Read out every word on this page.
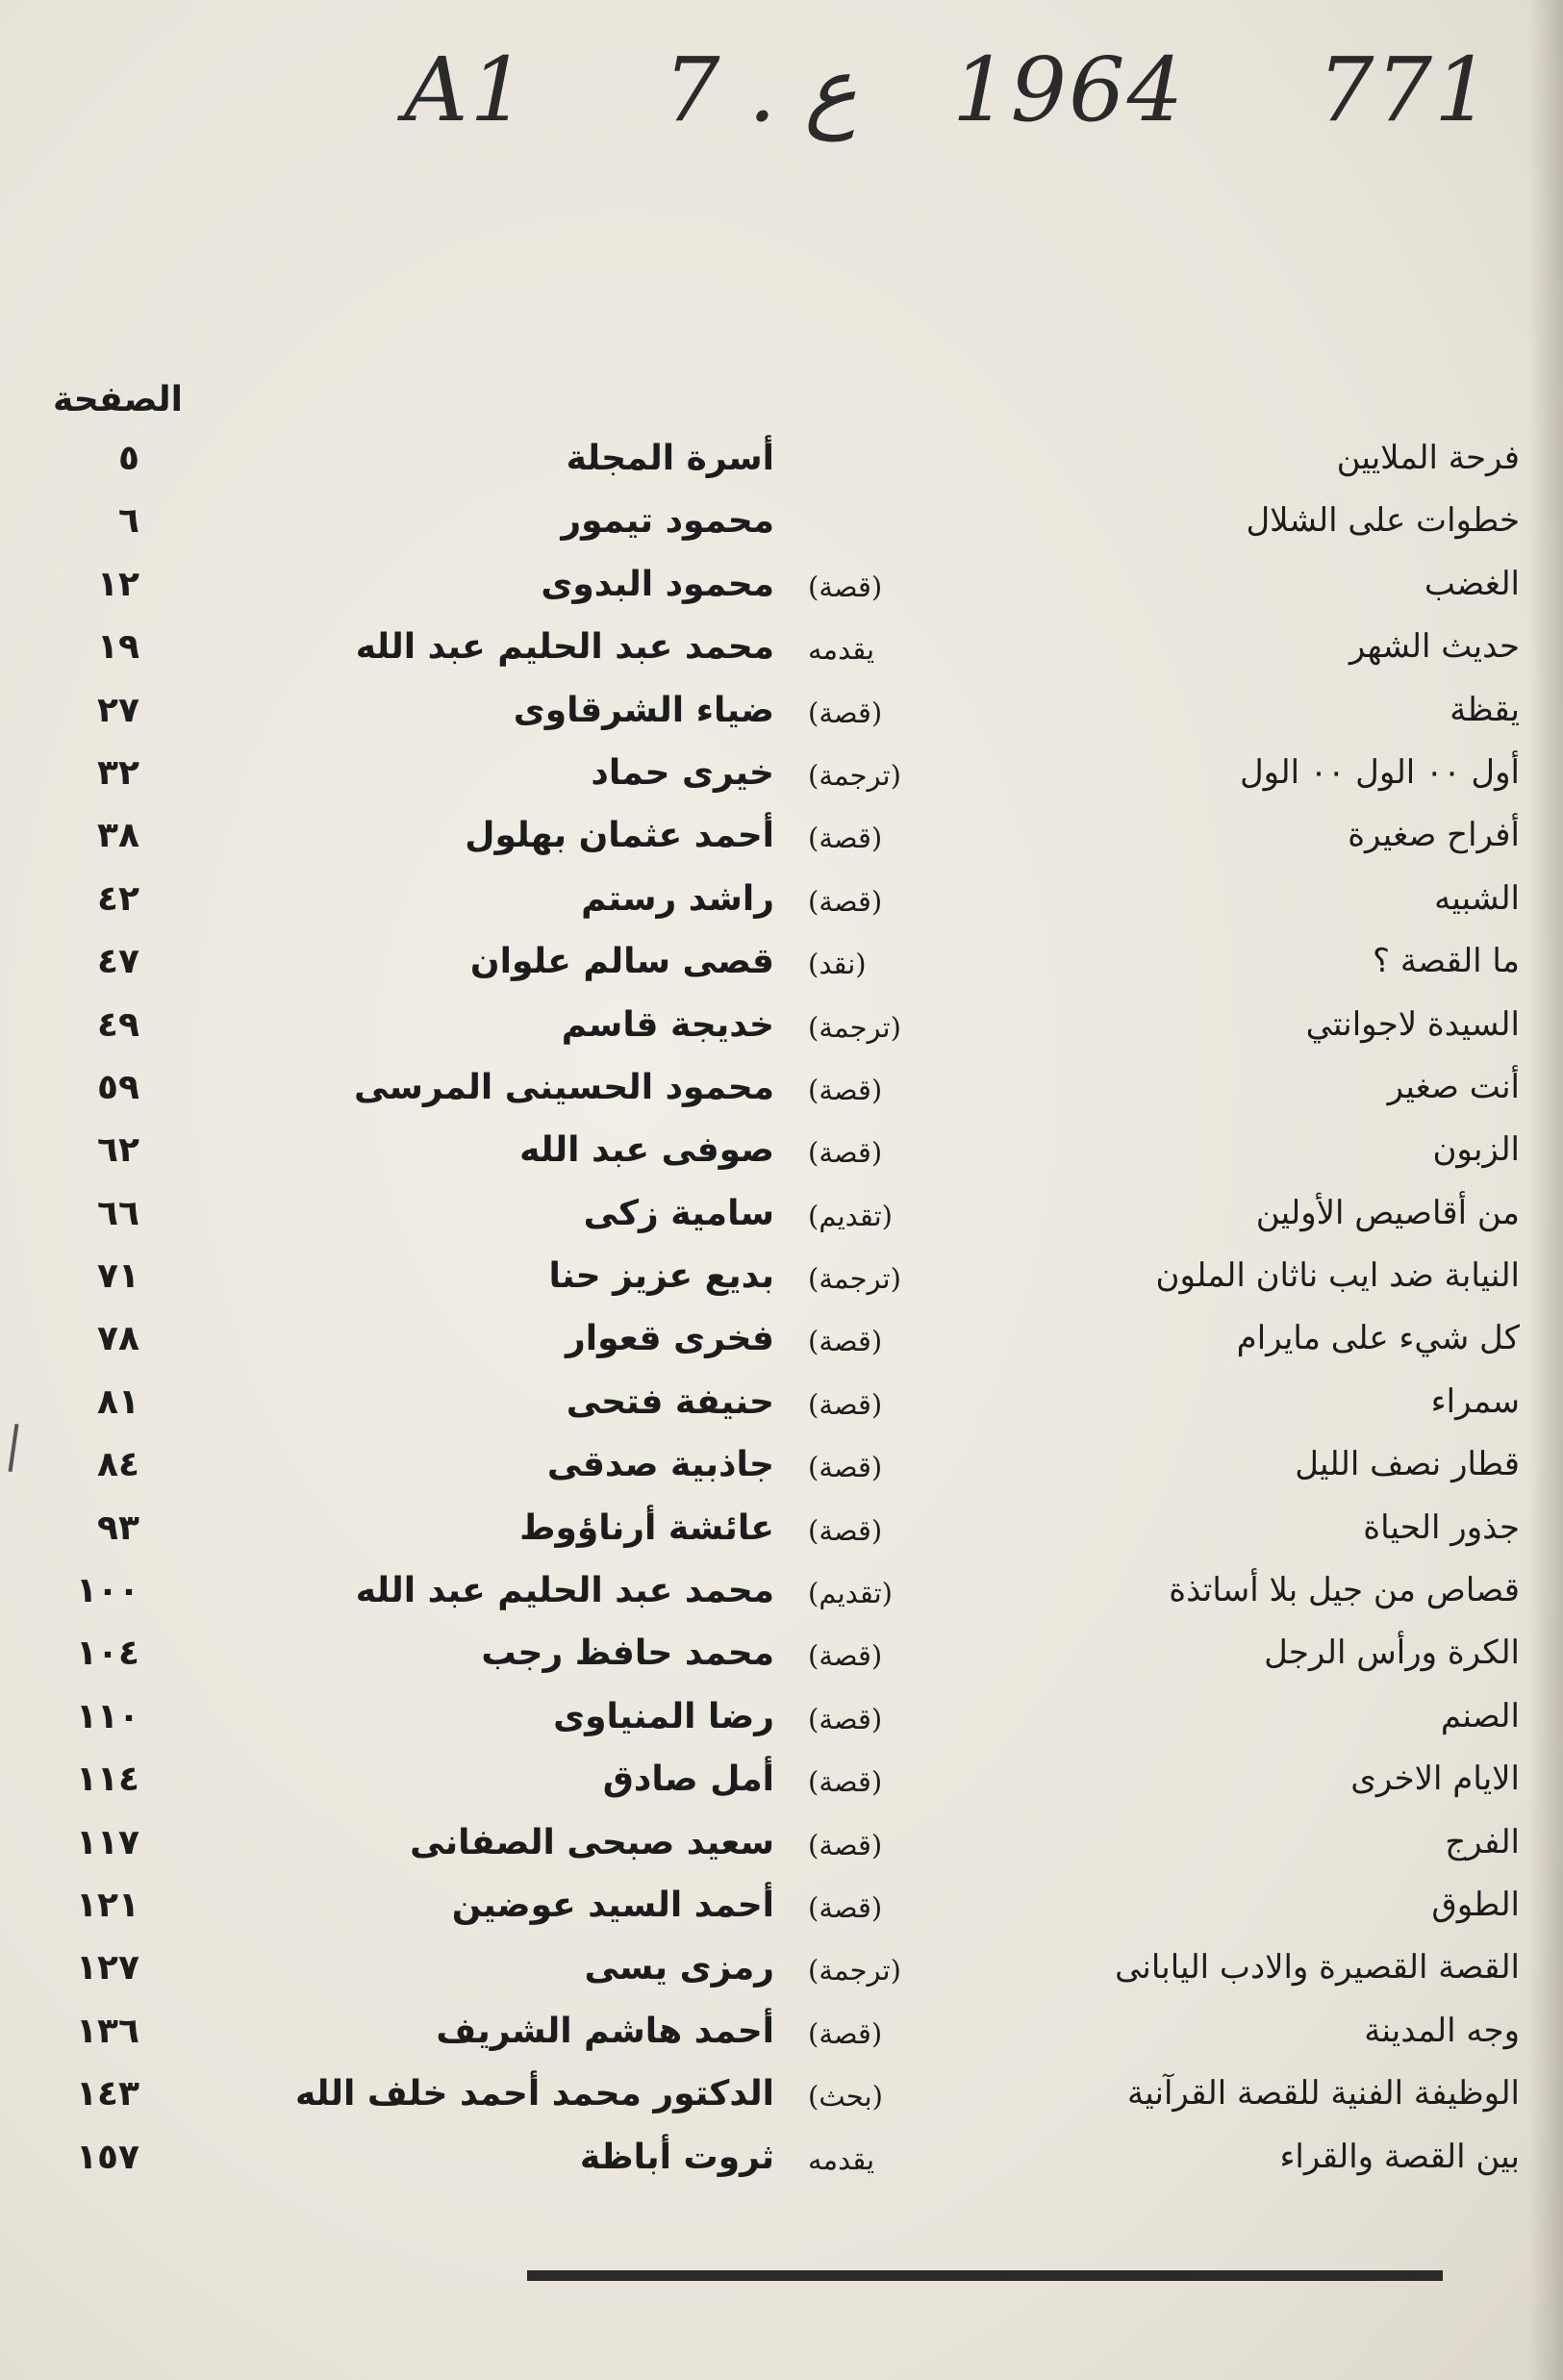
A1 7 . ع 1964 771
الصفحة
فرحة الملايين
أسرة المجلة
٥
خطوات على الشلال
محمود تيمور
٦
الغضب
(قصة)
محمود البدوى
١٢
حديث الشهر
يقدمه
محمد عبد الحليم عبد الله
١٩
يقظة
(قصة)
ضياء الشرقاوى
٢٧
أول ٠٠ الول ٠٠ الول
(ترجمة)
خيرى حماد
٣٢
أفراح صغيرة
(قصة)
أحمد عثمان بهلول
٣٨
الشبيه
(قصة)
راشد رستم
٤٢
ما القصة ؟
(نقد)
قصى سالم علوان
٤٧
السيدة لاجوانتي
(ترجمة)
خديجة قاسم
٤٩
أنت صغير
(قصة)
محمود الحسينى المرسى
٥٩
الزبون
(قصة)
صوفى عبد الله
٦٢
من أقاصيص الأولين
(تقديم)
سامية زكى
٦٦
النيابة ضد ايب ناثان الملون
(ترجمة)
بديع عزيز حنا
٧١
كل شيء على مايرام
(قصة)
فخرى قعوار
٧٨
سمراء
(قصة)
حنيفة فتحى
٨١
قطار نصف الليل
(قصة)
جاذبية صدقى
٨٤
جذور الحياة
(قصة)
عائشة أرناؤوط
٩٣
قصاص من جيل بلا أساتذة
(تقديم)
محمد عبد الحليم عبد الله
١٠٠
الكرة ورأس الرجل
(قصة)
محمد حافظ رجب
١٠٤
الصنم
(قصة)
رضا المنياوى
١١٠
الايام الاخرى
(قصة)
أمل صادق
١١٤
الفرج
(قصة)
سعيد صبحى الصفانى
١١٧
الطوق
(قصة)
أحمد السيد عوضين
١٢١
القصة القصيرة والادب اليابانى
(ترجمة)
رمزى يسى
١٢٧
وجه المدينة
(قصة)
أحمد هاشم الشريف
١٣٦
الوظيفة الفنية للقصة القرآنية
(بحث)
الدكتور محمد أحمد خلف الله
١٤٣
بين القصة والقراء
يقدمه
ثروت أباظة
١٥٧
